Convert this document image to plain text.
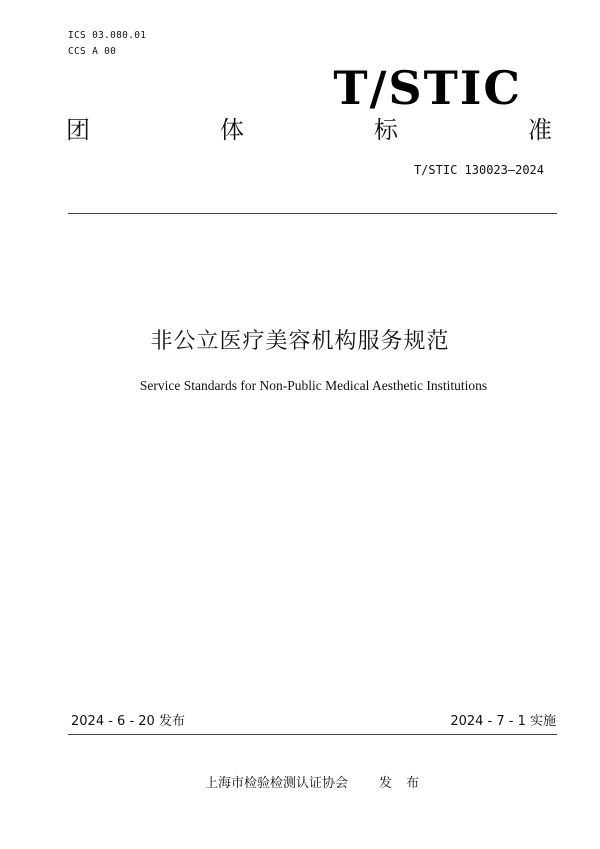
ICS 03.080.01
CCS A 00
T/STIC
团	体	标	准
T/STIC 130023—2024
非公立医疗美容机构服务规范
Service Standards for Non-Public Medical Aesthetic Institutions
2024 - 6 - 20 发布	2024 - 7 - 1 实施
上海市检验检测认证协会 发 布
